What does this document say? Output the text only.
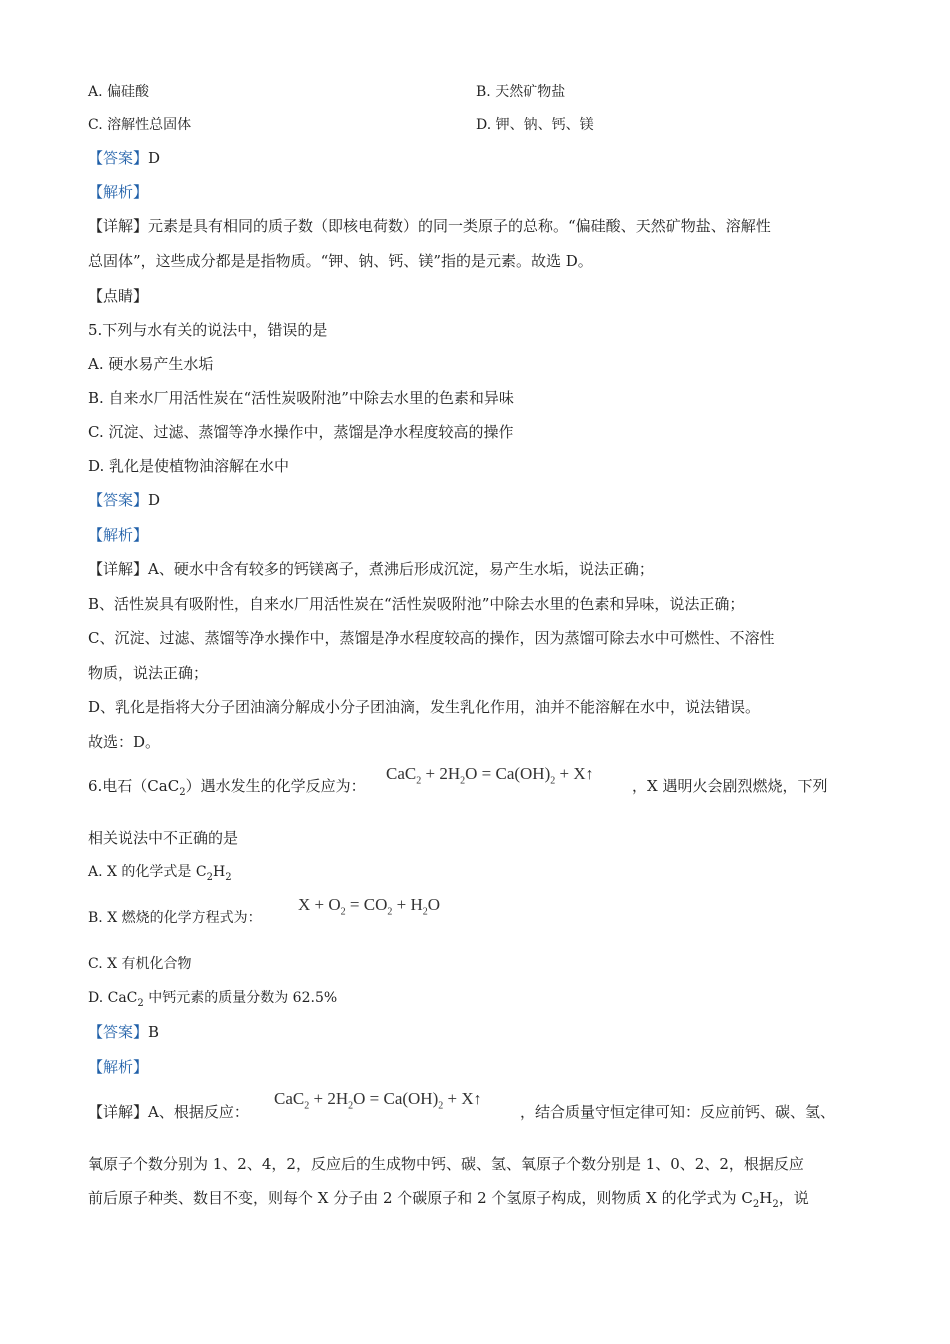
A. 偏硅酸	B. 天然矿物盐
C. 溶解性总固体	D. 钾、钠、钙、镁
【答案】D
【解析】
【详解】元素是具有相同的质子数（即核电荷数）的同一类原子的总称。“偏硅酸、天然矿物盐、溶解性
总固体”，这些成分都是是指物质。“钾、钠、钙、镁”指的是元素。故选 D。
【点睛】
5.下列与水有关的说法中，错误的是
A. 硬水易产生水垢
B. 自来水厂用活性炭在“活性炭吸附池”中除去水里的色素和异味
C. 沉淀、过滤、蒸馏等净水操作中，蒸馏是净水程度较高的操作
D. 乳化是使植物油溶解在水中
【答案】D
【解析】
【详解】A、硬水中含有较多的钙镁离子，煮沸后形成沉淀，易产生水垢，说法正确；
B、活性炭具有吸附性，自来水厂用活性炭在“活性炭吸附池”中除去水里的色素和异味，说法正确；
C、沉淀、过滤、蒸馏等净水操作中，蒸馏是净水程度较高的操作，因为蒸馏可除去水中可燃性、不溶性
物质，说法正确；
D、乳化是指将大分子团油滴分解成小分子团油滴，发生乳化作用，油并不能溶解在水中，说法错误。
故选：D。
6.电石（CaC$_2$）遇水发生的化学反应为：
$CaC_2 + 2H_2O = Ca(OH)_2$ + X↑
，X 遇明火会剧烈燃烧，下列
相关说法中不正确的是
A. X 的化学式是 $C_2H_2$
B. X 燃烧的化学方程式为：
$X + O_2 = CO_2 + H_2O$
C. X 有机化合物
D. CaC$_2$ 中钙元素的质量分数为 62.5%
【答案】B
【解析】
【详解】A、根据反应：
$CaC_2 + 2H_2O = Ca(OH)_2$ + X↑
，结合质量守恒定律可知：反应前钙、碳、氢、
氧原子个数分别为 1、2、4，2，反应后的生成物中钙、碳、氢、氧原子个数分别是 1、0、2、2，根据反应
前后原子种类、数目不变，则每个 X 分子由 2 个碳原子和 2 个氢原子构成，则物质 X 的化学式为 $C_2H_2$，说
